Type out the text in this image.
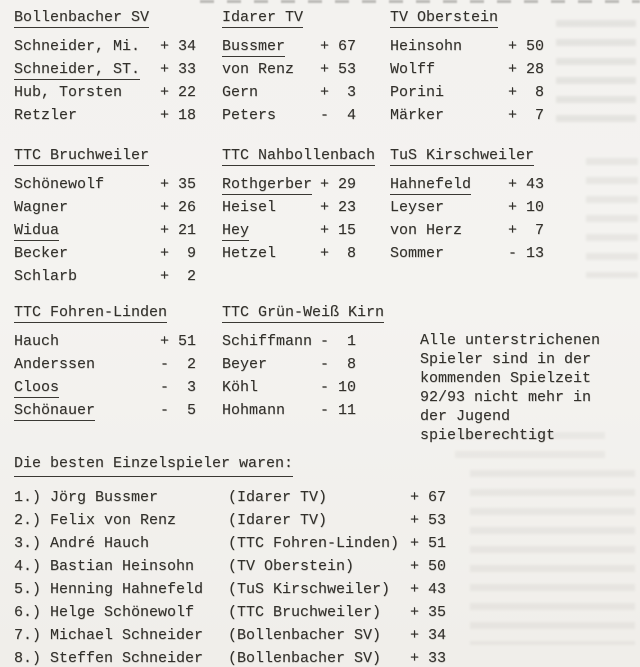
Bollenbacher SV
Schneider, Mi. + 34
Schneider, ST. + 33
Hub, Torsten	+ 22
Retzler	+ 18
Idarer TV
Bussmer + 67
von Renz + 53
Gern	+  3
Peters	-  4
TV Oberstein
Heinsohn	+ 50
Wolff	+ 28
Porini	+  8
Märker	+  7
TTC Bruchweiler
Schönewolf	+ 35
Wagner	+ 26
Widua	+ 21
Becker	+  9
Schlarb	+  2
TTC Nahbollenbach
Rothgerber + 29
Heisel	+ 23
Hey	+ 15
Hetzel	+  8
TuS Kirschweiler
Hahnefeld + 43
Leyser	+ 10
von Herz	+  7
Sommer	- 13
TTC Fohren-Linden
Hauch	+ 51
Anderssen	-  2
Cloos	-  3
Schönauer	-  5
TTC Grün-Weiß Kirn
Schiffmann -  1
Beyer	-  8
Köhl	- 10
Hohmann - 11
Alle unterstrichenen
Spieler sind in der
kommenden Spielzeit
92/93 nicht mehr in
der Jugend
spielberechtigt
Die besten Einzelspieler waren:
1.) Jörg Bussmer	(Idarer TV)	+ 67
2.) Felix von Renz	(Idarer TV)	+ 53
3.) André Hauch	(TTC Fohren-Linden) + 51
4.) Bastian Heinsohn (TV Oberstein)	+ 50
5.) Henning Hahnefeld (TuS Kirschweiler) + 43
6.) Helge Schönewolf (TTC Bruchweiler) + 35
7.) Michael Schneider (Bollenbacher SV) + 34
8.) Steffen Schneider (Bollenbacher SV) + 33
